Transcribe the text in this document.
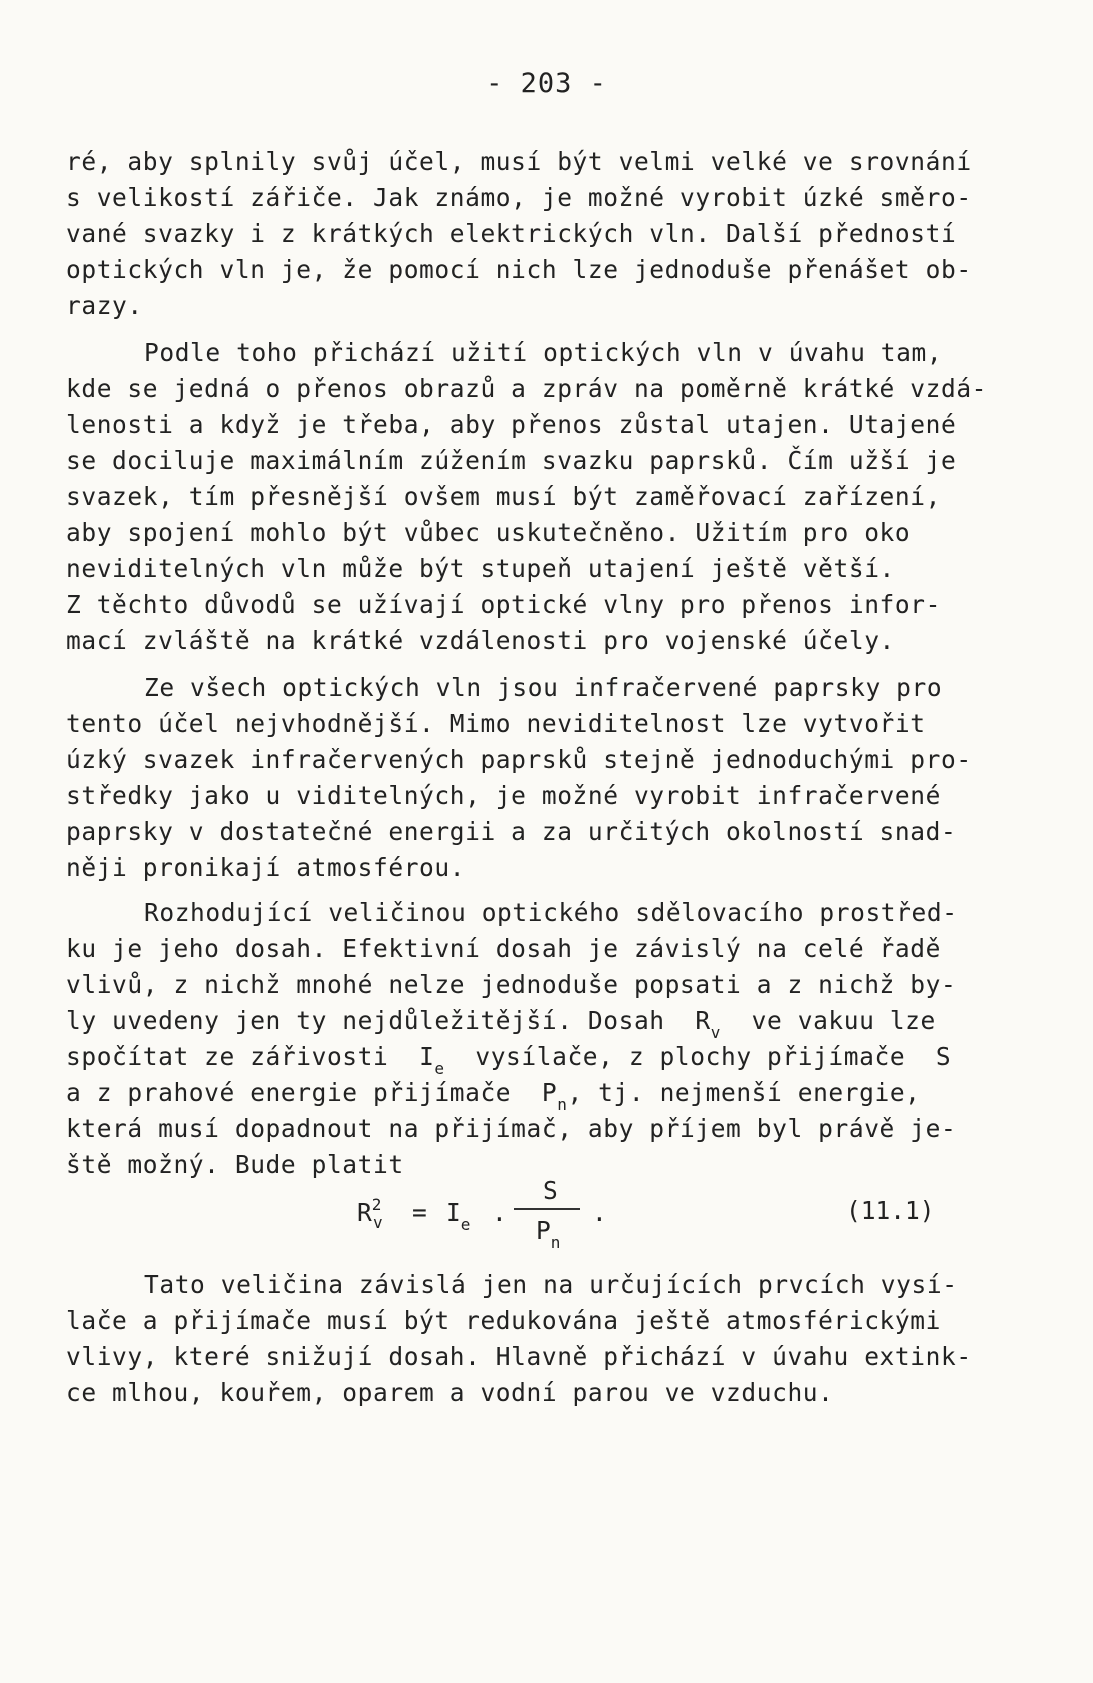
- 203 -
ré, aby splnily svůj účel, musí být velmi velké ve srovnání
s velikostí zářiče. Jak známo, je možné vyrobit úzké směro-
vané svazky i z krátkých elektrických vln. Další předností
optických vln je, že pomocí nich lze jednoduše přenášet ob-
razy.
Podle toho přichází užití optických vln v úvahu tam,
kde se jedná o přenos obrazů a zpráv na poměrně krátké vzdá-
lenosti a když je třeba, aby přenos zůstal utajen. Utajené
se dociluje maximálním zúžením svazku paprsků. Čím užší je
svazek, tím přesnější ovšem musí být zaměřovací zařízení,
aby spojení mohlo být vůbec uskutečněno. Užitím pro oko
neviditelných vln může být stupeň utajení ještě větší.
Z těchto důvodů se užívají optické vlny pro přenos infor-
mací zvláště na krátké vzdálenosti pro vojenské účely.
Ze všech optických vln jsou infračervené paprsky pro
tento účel nejvhodnější. Mimo neviditelnost lze vytvořit
úzký svazek infračervených paprsků stejně jednoduchými pro-
středky jako u viditelných, je možné vyrobit infračervené
paprsky v dostatečné energii a za určitých okolností snad-
něji pronikají atmosférou.
Rozhodující veličinou optického sdělovacího prostřed-
ku je jeho dosah. Efektivní dosah je závislý na celé řadě
vlivů, z nichž mnohé nelze jednoduše popsati a z nichž by-
ly uvedeny jen ty nejdůležitější. Dosah $R_v$ ve vakuu lze
spočítat ze zářivosti $I_e$ vysílače, z plochy přijímače  S
a z prahové energie přijímače $P_n$, tj. nejmenší energie,
která musí dopadnout na přijímač, aby příjem byl právě je-
ště možný. Bude platit
$R^2$
$v = I_e$ .
S
$P_n$
.	(11.1)
Tato veličina závislá jen na určujících prvcích vysí-
lače a přijímače musí být redukována ještě atmosférickými
vlivy, které snižují dosah. Hlavně přichází v úvahu extink-
ce mlhou, kouřem, oparem a vodní parou ve vzduchu.
